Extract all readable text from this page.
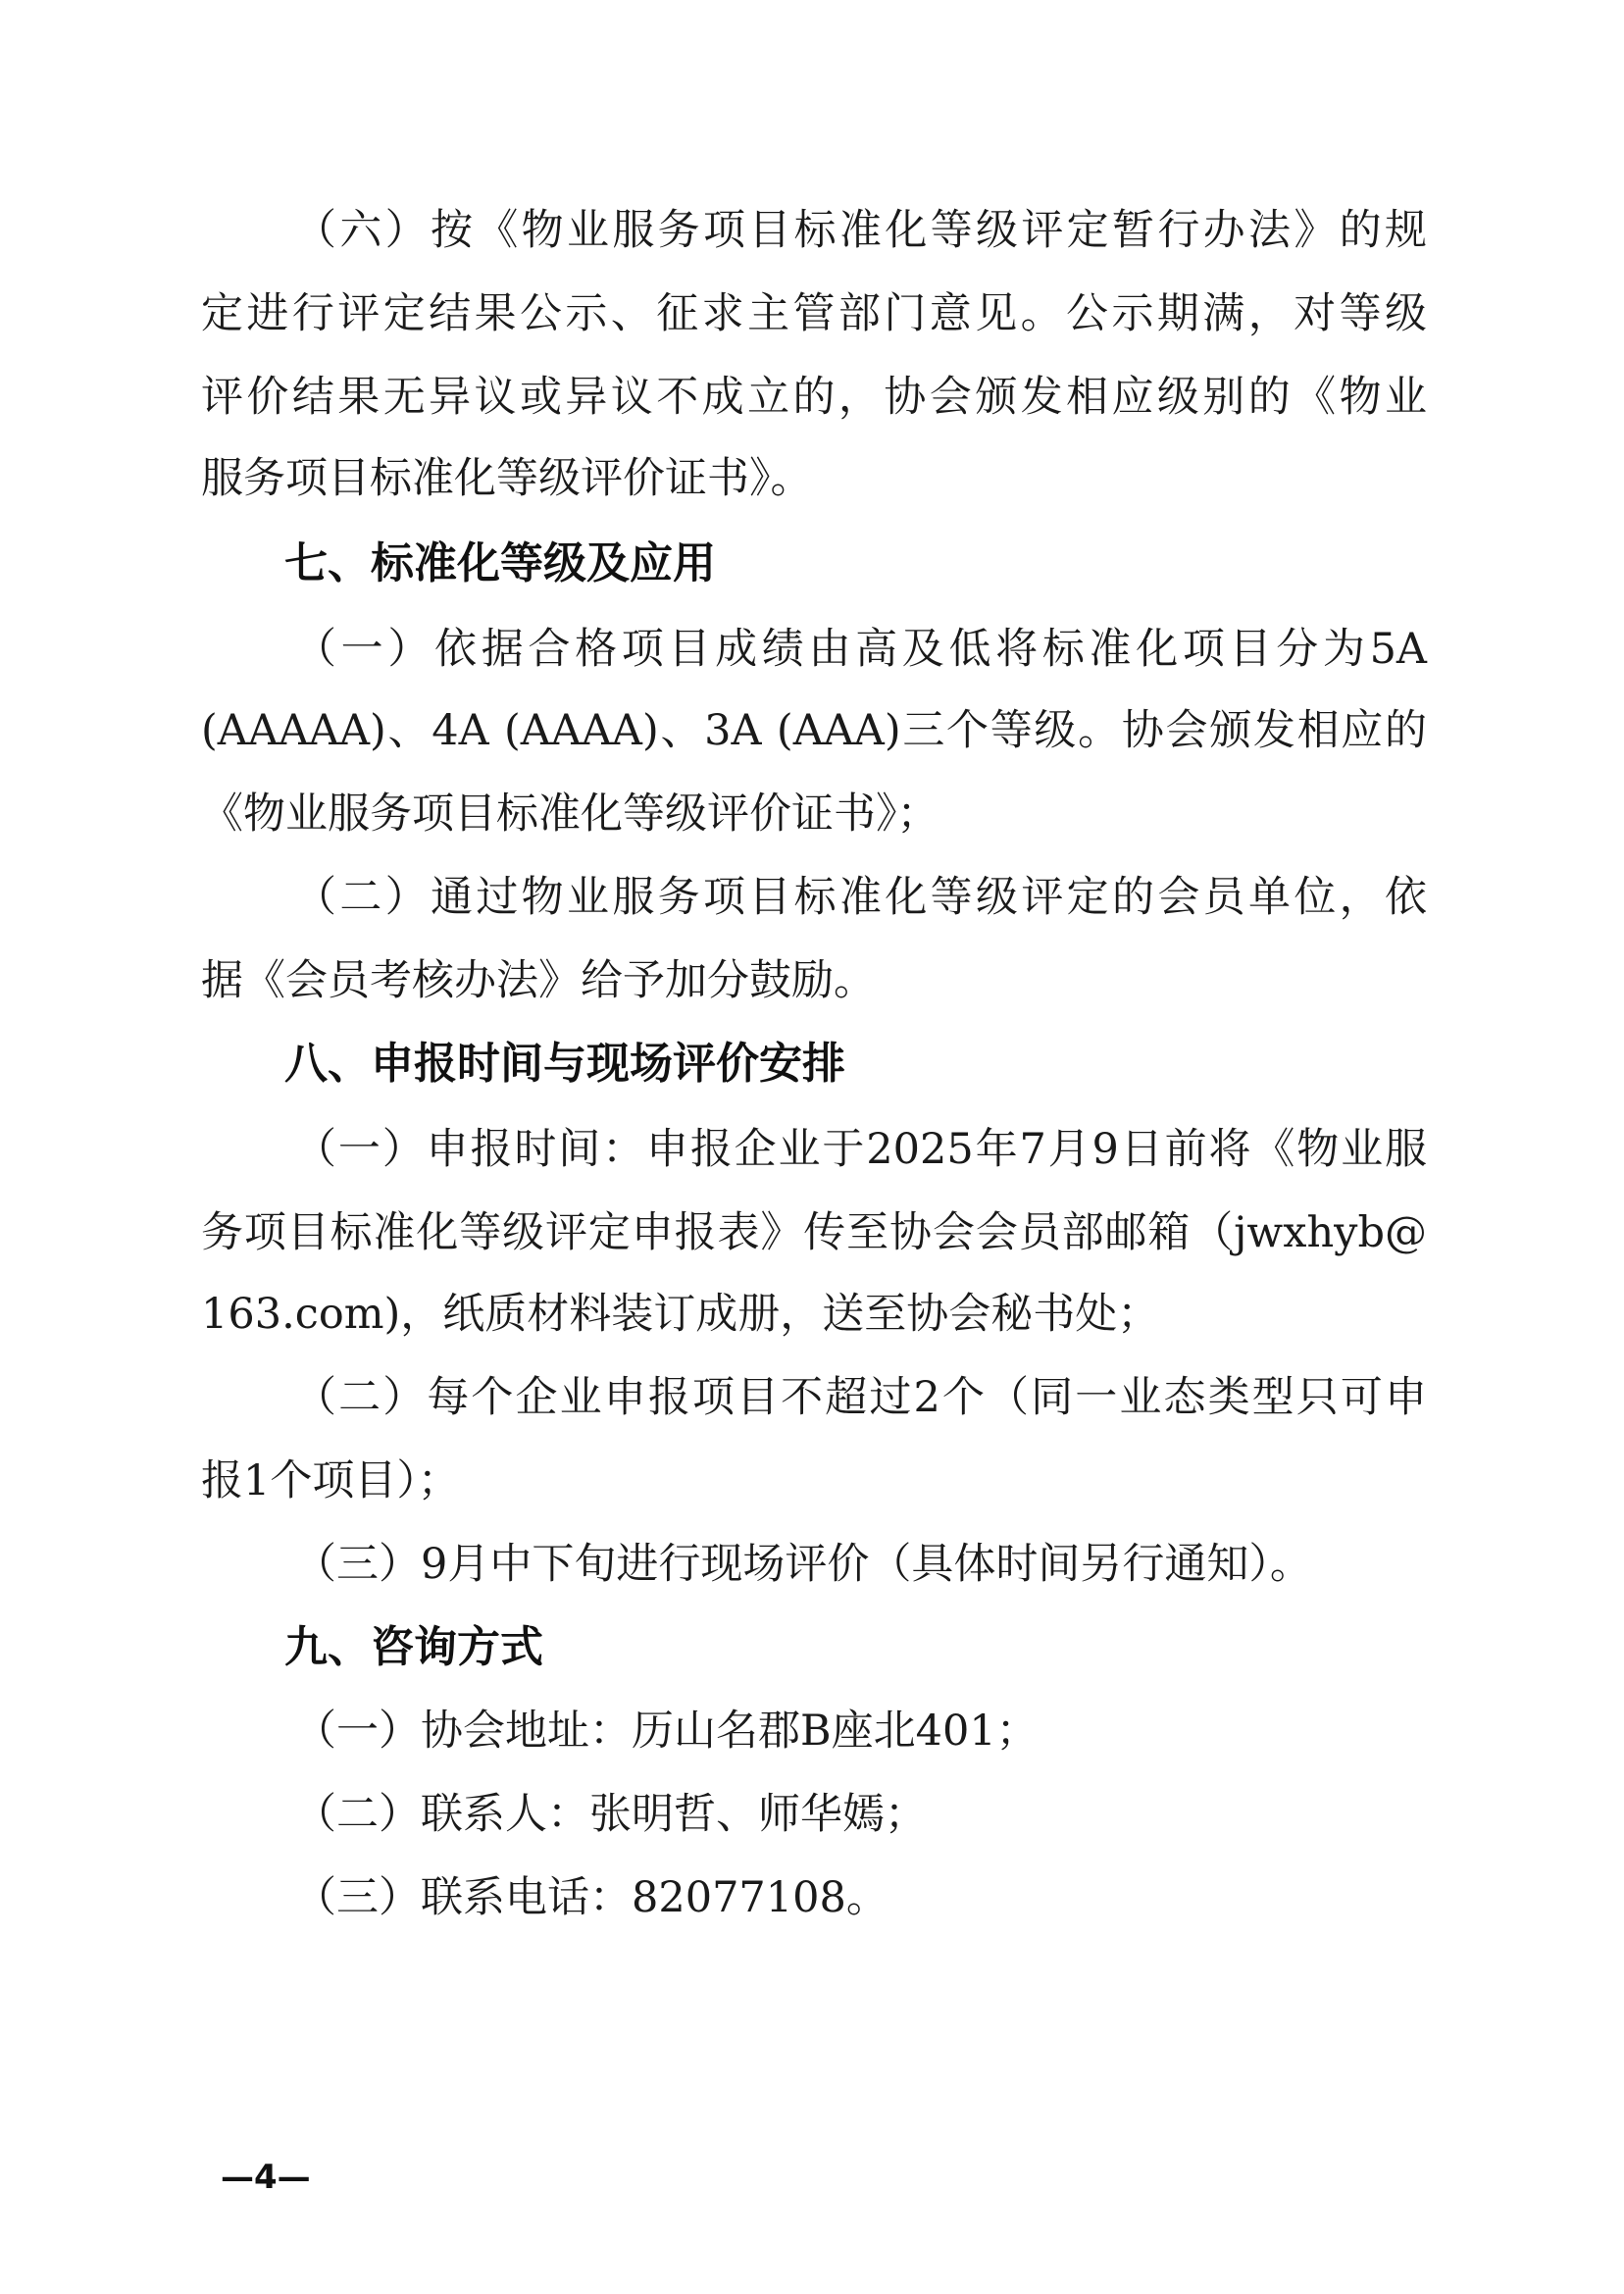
（六）按《物业服务项目标准化等级评定暂行办法》的规
定进行评定结果公示、征求主管部门意见。公示期满，对等级
评价结果无异议或异议不成立的，协会颁发相应级别的《物业
服务项目标准化等级评价证书》。
七、标准化等级及应用
（一）依据合格项目成绩由高及低将标准化项目分为5A
(AAAAA)、4A (AAAA)、3A (AAA)三个等级。协会颁发相应的
《物业服务项目标准化等级评价证书》；
（二）通过物业服务项目标准化等级评定的会员单位，依
据《会员考核办法》给予加分鼓励。
八、申报时间与现场评价安排
（一）申报时间：申报企业于2025年7月9日前将《物业服
务项目标准化等级评定申报表》传至协会会员部邮箱（jwxhyb@
163.com)，纸质材料装订成册，送至协会秘书处；
（二）每个企业申报项目不超过2个（同一业态类型只可申
报1个项目）；
（三）9月中下旬进行现场评价（具体时间另行通知）。
九、咨询方式
（一）协会地址：历山名郡B座北401；
（二）联系人：张明哲、师华嫣；
（三）联系电话：82077108。
—4—
